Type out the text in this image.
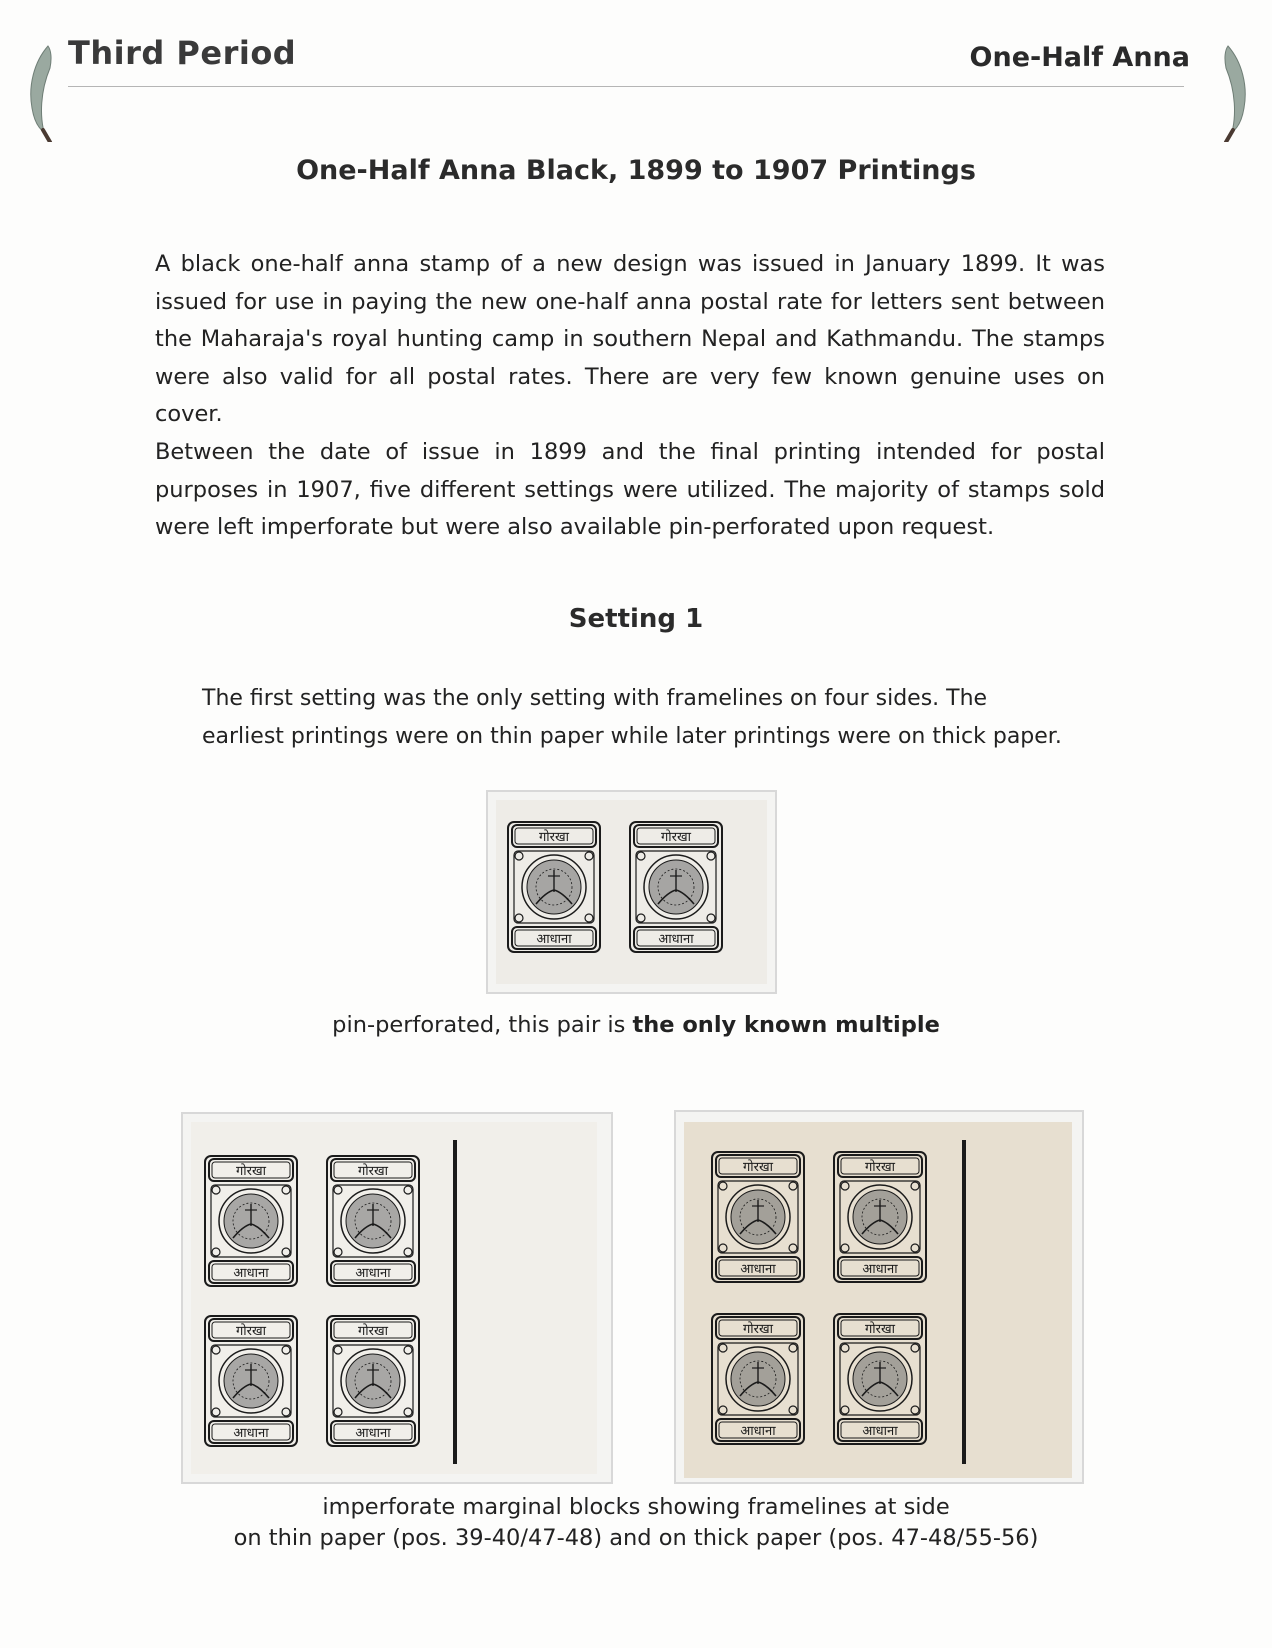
Third Period	One-Half Anna
One-Half Anna Black, 1899 to 1907 Printings
A black one-half anna stamp of a new design was issued in January 1899. It was issued for use in paying the new one-half anna postal rate for letters sent between the Maharaja's royal hunting camp in southern Nepal and Kathmandu. The stamps were also valid for all postal rates. There are very few known genuine uses on cover.
Between the date of issue in 1899 and the final printing intended for postal purposes in 1907, five different settings were utilized. The majority of stamps sold were left imperforate but were also available pin-perforated upon request.
Setting 1
The first setting was the only setting with framelines on four sides. The earliest printings were on thin paper while later printings were on thick paper.
गोरखा
आधाना
गोरखा
आधाना
pin-perforated, this pair is the only known multiple
गोरखा
आधाना
गोरखा
आधाना
गोरखा
आधाना
गोरखा
आधाना
गोरखा
आधाना
गोरखा
आधाना
गोरखा
आधाना
गोरखा
आधाना
imperforate marginal blocks showing framelines at side
on thin paper (pos. 39-40/47-48) and on thick paper (pos. 47-48/55-56)
